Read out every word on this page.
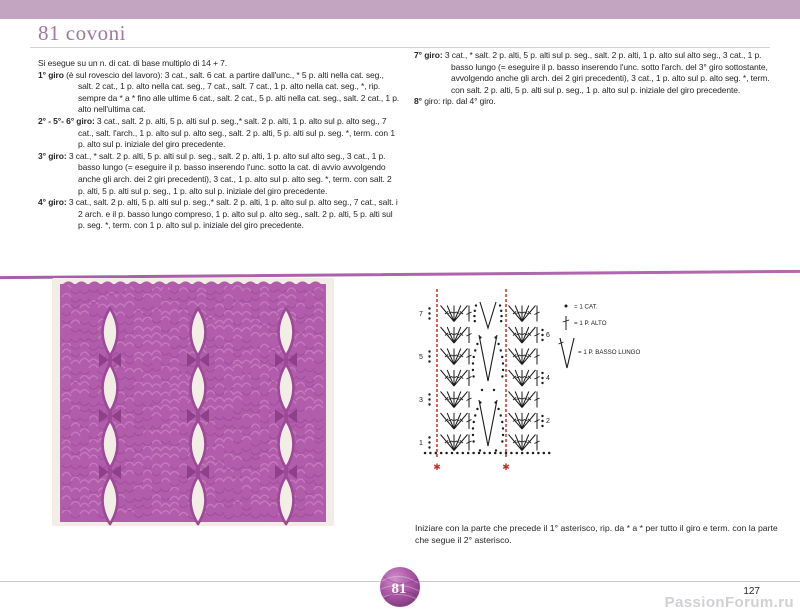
81 covoni

Si esegue su un n. di cat. di base multiplo di 14 + 7.

1° giro (è sul rovescio del lavoro): 3 cat., salt. 6 cat. a partire dall'unc., * 5 p. alti nella cat. seg., salt. 2 cat., 1 p. alto nella cat. seg., 7 cat., salt. 7 cat., 1 p. alto nella cat. seg., *, rip. sempre da * a * fino alle ultime 6 cat., salt. 2 cat., 5 p. alti nella cat. seg., salt. 2 cat., 1 p. alto nell'ultima cat.

2° - 5°- 6° giro: 3 cat., salt. 2 p. alti, 5 p. alti sul p. seg.,* salt. 2 p. alti, 1 p. alto sul p. alto seg., 7 cat., salt. l'arch., 1 p. alto sul p. alto seg., salt. 2 p. alti, 5 p. alti sul p. seg. *, term. con 1 p. alto sul p. iniziale del giro precedente.

3° giro: 3 cat., * salt. 2 p. alti, 5 p. alti sul p. seg., salt. 2 p. alti, 1 p. alto sul alto seg., 3 cat., 1 p. basso lungo (= eseguire il p. basso inserendo l'unc. sotto la cat. di avvio avvolgendo anche gli arch. dei 2 giri precedenti), 3 cat., 1 p. alto sul p. alto seg. *, term. con salt. 2 p. alti, 5 p. alti sul p. seg., 1 p. alto sul p. iniziale del giro precedente.

4° giro: 3 cat., salt. 2 p. alti, 5 p. alti sul p. seg.,* salt. 2 p. alti, 1 p. alto sul p. alto seg., 7 cat., salt. i 2 arch. e il p. basso lungo compreso, 1 p. alto sul p. alto seg., salt. 2 p. alti, 5 p. alti sul p. seg. *, term. con 1 p. alto sul p. iniziale del giro precedente.

7° giro: 3 cat., * salt. 2 p. alti, 5 p. alti sul p. seg., salt. 2 p. alti, 1 p. alto sul alto seg., 3 cat., 1 p. basso lungo (= eseguire il p. basso inserendo l'unc. sotto l'arch. del 3° giro sottostante, avvolgendo anche gli arch. dei 2 giri precedenti), 3 cat., 1 p. alto sul p. alto seg. *, term. con salt. 2 p. alti, 5 p. alti sul p. seg., 1 p. alto sul p. iniziale del giro precedente.

8° giro: rip. dal 4° giro.

✱	✱
7
5
3
1
6
4
2
= 1 CAT.
= 1 P. ALTO
= 1 P. BASSO LUNGO
Iniziare con la parte che precede il 1° asterisco, rip. da * a * per tutto il giro e term. con la parte che segue il 2° asterisco.
81	127
PassionForum.ru
